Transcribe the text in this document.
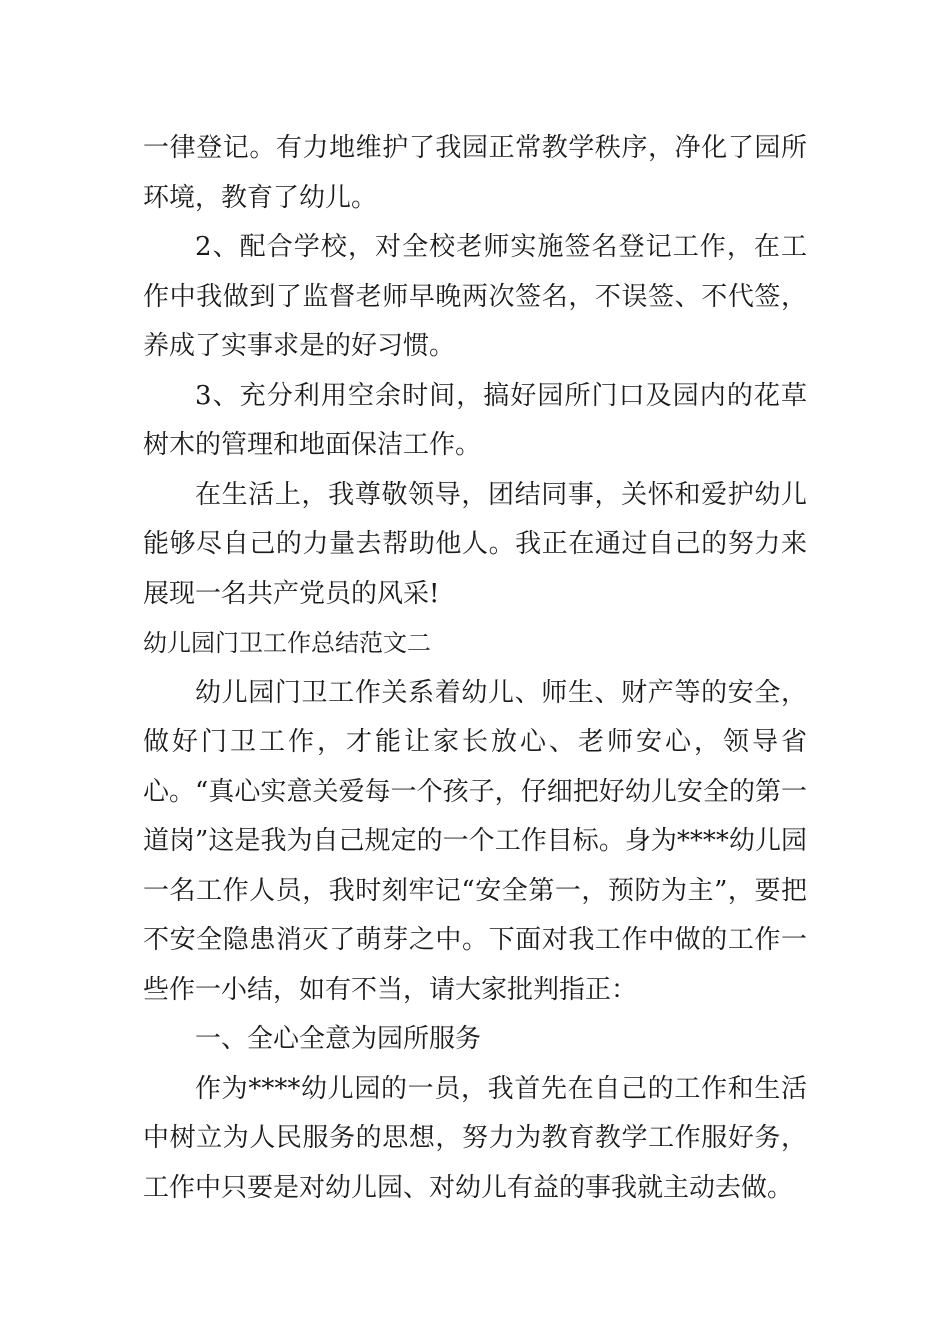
一律登记。有力地维护了我园正常教学秩序，净化了园所环境，教育了幼儿。

2、配合学校，对全校老师实施签名登记工作，在工作中我做到了监督老师早晚两次签名，不误签、不代签，养成了实事求是的好习惯。

3、充分利用空余时间，搞好园所门口及园内的花草树木的管理和地面保洁工作。

在生活上，我尊敬领导，团结同事，关怀和爱护幼儿能够尽自己的力量去帮助他人。我正在通过自己的努力来展现一名共产党员的风采!

幼儿园门卫工作总结范文二

幼儿园门卫工作关系着幼儿、师生、财产等的安全，做好门卫工作，才能让家长放心、老师安心，领导省心。“真心实意关爱每一个孩子，仔细把好幼儿安全的第一道岗”这是我为自己规定的一个工作目标。身为****幼儿园一名工作人员，我时刻牢记“安全第一，预防为主”，要把不安全隐患消灭了萌芽之中。下面对我工作中做的工作一些作一小结，如有不当，请大家批判指正：

一、全心全意为园所服务

作为****幼儿园的一员，我首先在自己的工作和生活中树立为人民服务的思想，努力为教育教学工作服好务，工作中只要是对幼儿园、对幼儿有益的事我就主动去做。
